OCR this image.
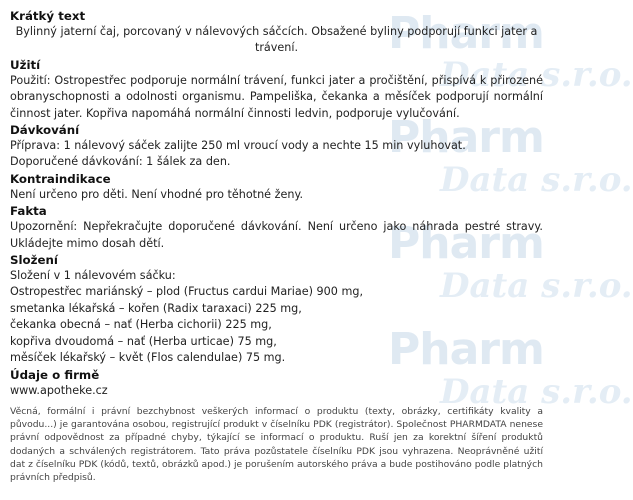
Pharm
Data s.r.o.
Pharm
Data s.r.o.
Pharm
Data s.r.o.
Pharm
Data s.r.o.
Krátký text

Bylinný jaterní čaj, porcovaný v nálevových sáčcích. Obsažené byliny podporují funkci jater a trávení.

Užití

Použití: Ostropestřec podporuje normální trávení, funkci jater a pročištění, přispívá k přirozené obranyschopnosti a odolnosti organismu. Pampeliška, čekanka a měsíček podporují normální činnost jater. Kopřiva napomáhá normální činnosti ledvin, podporuje vylučování.

Dávkování

Příprava: 1 nálevový sáček zalijte 250 ml vroucí vody a nechte 15 min vyluhovat.
Doporučené dávkování: 1 šálek za den.

Kontraindikace

Není určeno pro děti. Není vhodné pro těhotné ženy.

Fakta

Upozornění: Nepřekračujte doporučené dávkování. Není určeno jako náhrada pestré stravy. Ukládejte mimo dosah dětí.

Složení

Složení v 1 nálevovém sáčku:
Ostropestřec mariánský – plod (Fructus cardui Mariae) 900 mg,
smetanka lékařská – kořen (Radix taraxaci) 225 mg,
čekanka obecná – nať (Herba cichorii) 225 mg,
kopřiva dvoudomá – nať (Herba urticae) 75 mg,
měsíček lékařský – květ (Flos calendulae) 75 mg.

Údaje o firmě

www.apotheke.cz

Věcná, formální i právní bezchybnost veškerých informací o produktu (texty, obrázky, certifikáty kvality a původu...) je garantována osobou, registrující produkt v číselníku PDK (registrátor). Společnost PHARMDATA nenese právní odpovědnost za případné chyby, týkající se informací o produktu. Ruší jen za korektní šíření produktů dodaných a schválených registrátorem. Tato práva pozůstatele číselníku PDK jsou vyhrazena. Neoprávněné užití dat z číselníku PDK (kódů, textů, obrázků apod.) je porušením autorského práva a bude postihováno podle platných právních předpisů.
